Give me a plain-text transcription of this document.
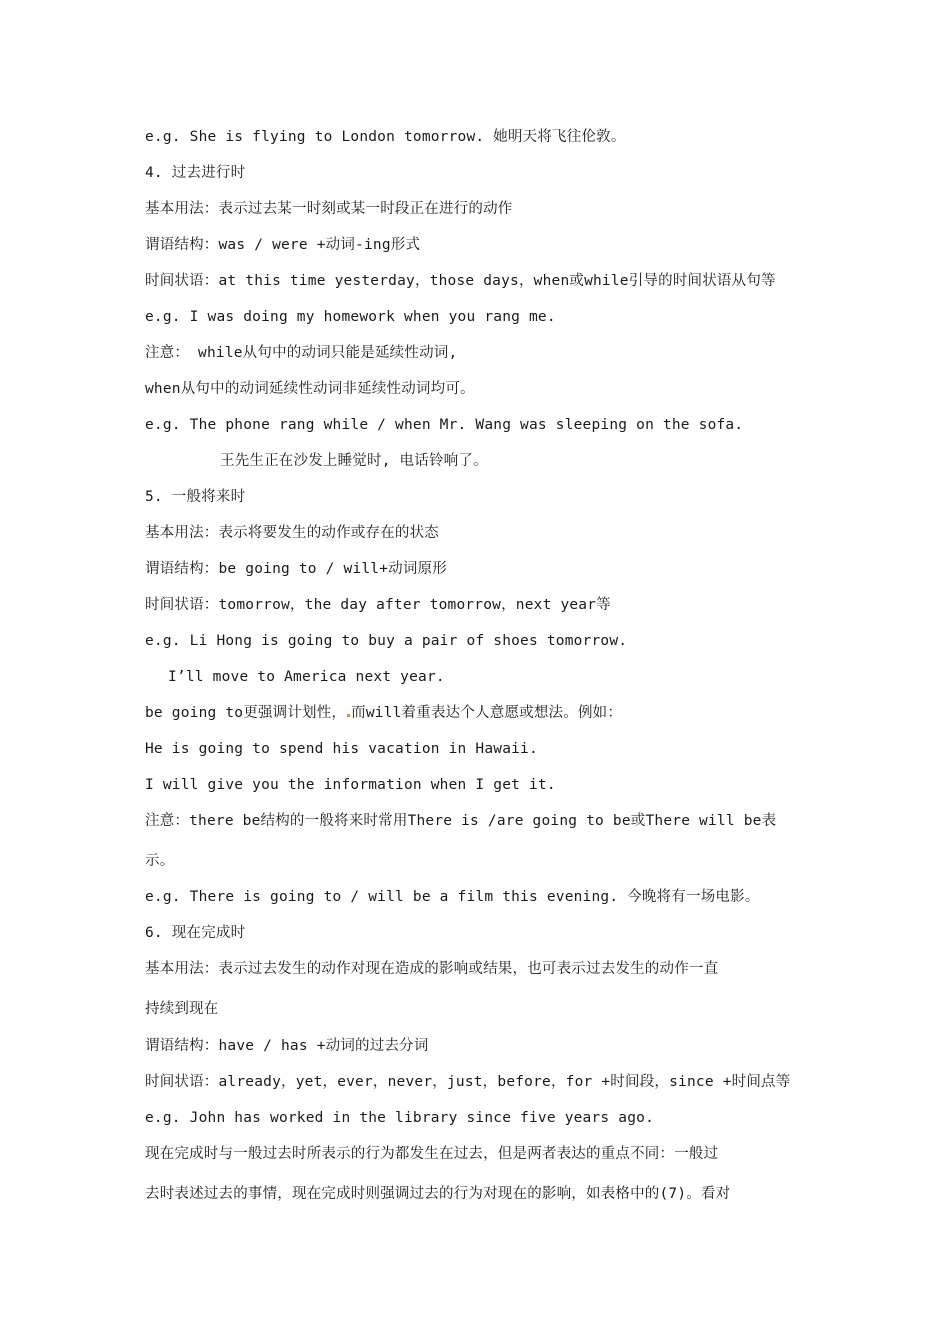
e.g. She is flying to London tomorrow. 她明天将飞往伦敦。
4. 过去进行时
基本用法：表示过去某一时刻或某一时段正在进行的动作
谓语结构：was / were +动词-ing形式
时间状语：at this time yesterday，those days，when或while引导的时间状语从句等
e.g. I was doing my homework when you rang me.
注意： while从句中的动词只能是延续性动词,
when从句中的动词延续性动词非延续性动词均可。
e.g. The phone rang while / when Mr. Wang was sleeping on the sofa.
王先生正在沙发上睡觉时, 电话铃响了。
5. 一般将来时
基本用法：表示将要发生的动作或存在的状态
谓语结构：be going to / will+动词原形
时间状语：tomorrow，the day after tomorrow，next year等
e.g. Li Hong is going to buy a pair of shoes tomorrow.
I’ll move to America next year.
be going to更强调计划性， 而will着重表达个人意愿或想法。例如：
He is going to spend his vacation in Hawaii.
I will give you the information when I get it.
注意：there be结构的一般将来时常用There is /are going to be或There will be表
示。
e.g. There is going to / will be a film this evening. 今晚将有一场电影。
6. 现在完成时
基本用法：表示过去发生的动作对现在造成的影响或结果，也可表示过去发生的动作一直
持续到现在
谓语结构：have / has +动词的过去分词
时间状语：already，yet，ever，never，just，before，for +时间段，since +时间点等
e.g. John has worked in the library since five years ago.
现在完成时与一般过去时所表示的行为都发生在过去，但是两者表达的重点不同：一般过
去时表述过去的事情，现在完成时则强调过去的行为对现在的影响，如表格中的(7)。看对
